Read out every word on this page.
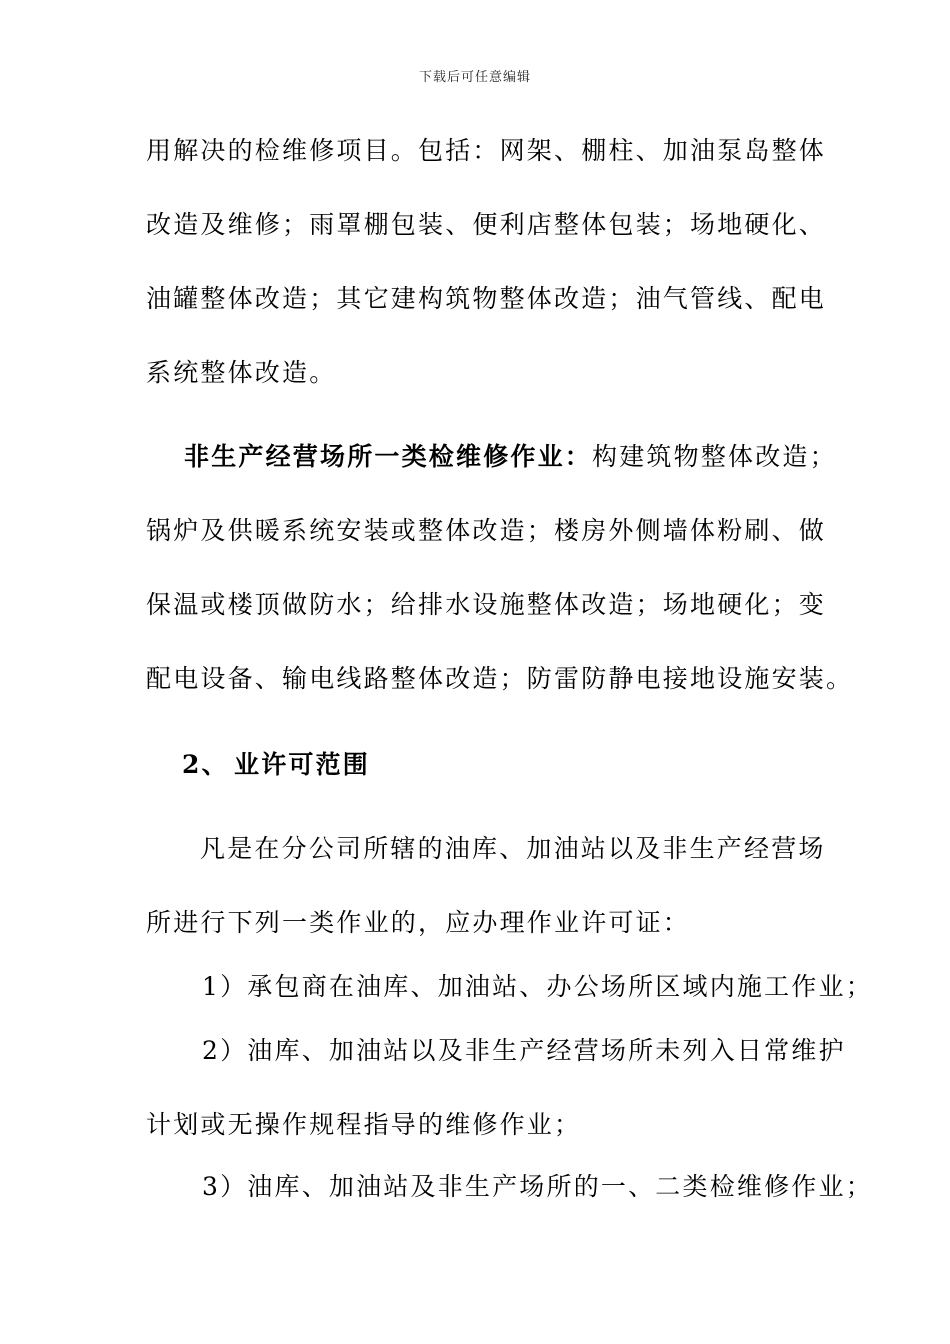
下载后可任意编辑
用解决的检维修项目。包括：网架、棚柱、加油泵岛整体
改造及维修；雨罩棚包装、便利店整体包装；场地硬化、
油罐整体改造；其它建构筑物整体改造；油气管线、配电
系统整体改造。
非生产经营场所一类检维修作业：构建筑物整体改造；
锅炉及供暖系统安装或整体改造；楼房外侧墙体粉刷、做
保温或楼顶做防水；给排水设施整体改造；场地硬化；变
配电设备、输电线路整体改造；防雷防静电接地设施安装。
2、 业许可范围
凡是在分公司所辖的油库、加油站以及非生产经营场
所进行下列一类作业的，应办理作业许可证：
1）承包商在油库、加油站、办公场所区域内施工作业；
2）油库、加油站以及非生产经营场所未列入日常维护
计划或无操作规程指导的维修作业；
3）油库、加油站及非生产场所的一、二类检维修作业；
